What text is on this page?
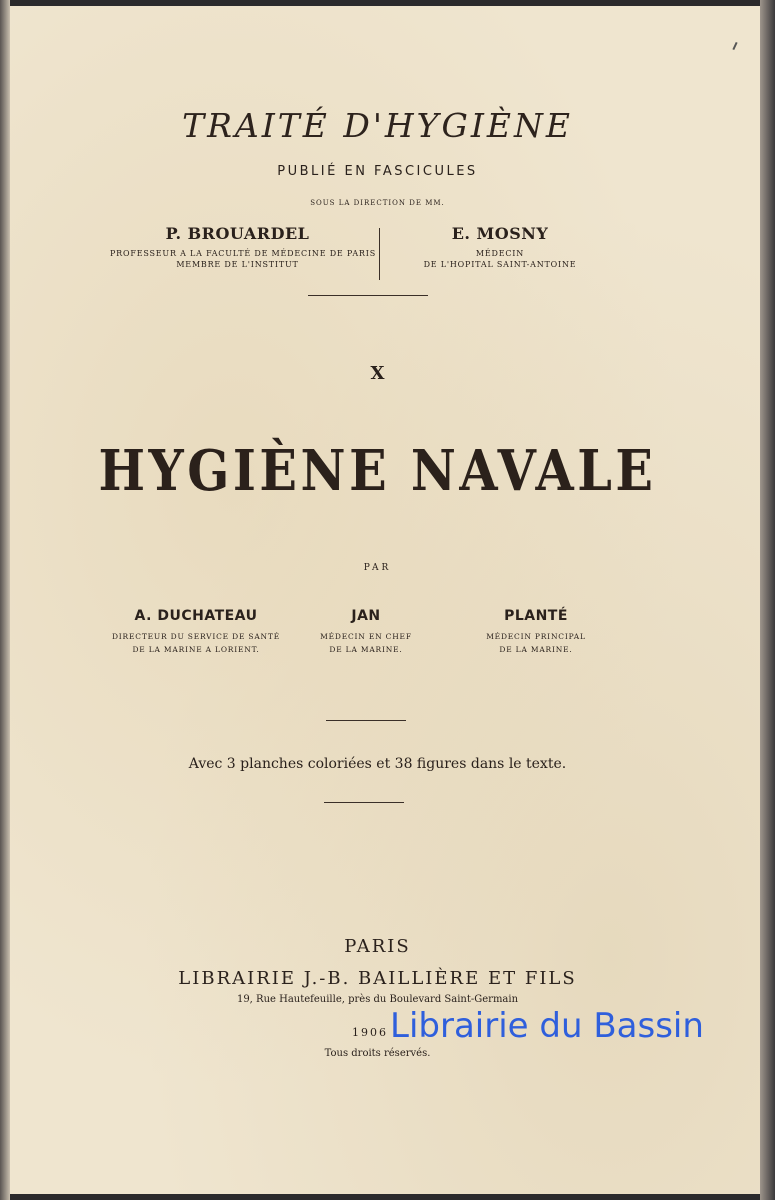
TRAITÉ D'HYGIÈNE
PUBLIÉ EN FASCICULES
SOUS LA DIRECTION DE MM.
P. BROUARDEL
PROFESSEUR A LA FACULTÉ DE MÉDECINE DE PARIS
MEMBRE DE L'INSTITUT
E. MOSNY
MÉDECIN
DE L'HOPITAL SAINT-ANTOINE
X
HYGIÈNE NAVALE
PAR
A. DUCHATEAU
DIRECTEUR DU SERVICE DE SANTÉ
DE LA MARINE A LORIENT.
JAN
MÉDECIN EN CHEF
DE LA MARINE.
PLANTÉ
MÉDECIN PRINCIPAL
DE LA MARINE.
Avec 3 planches coloriées et 38 figures dans le texte.
PARIS
LIBRAIRIE J.-B. BAILLIÈRE ET FILS
19, Rue Hautefeuille, près du Boulevard Saint-Germain
1906
Tous droits réservés.
Librairie du Bassin
